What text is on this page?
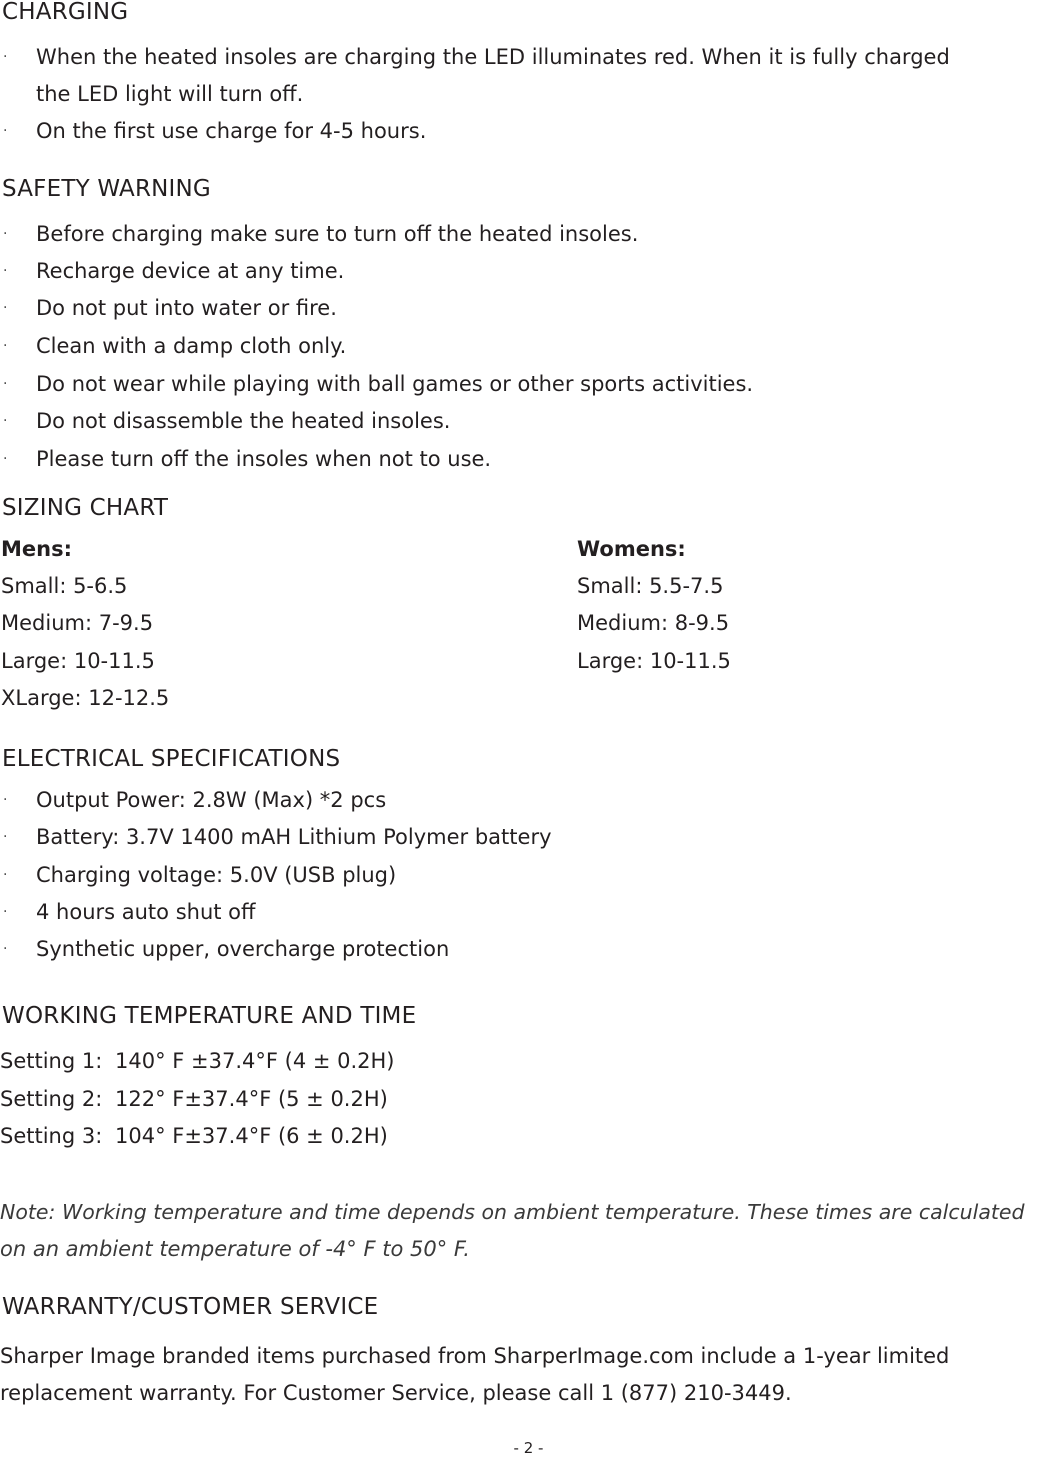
CHARGING
· When the heated insoles are charging the LED illuminates red. When it is fully charged
the LED light will turn off.
· On the first use charge for 4-5 hours.
SAFETY WARNING
· Before charging make sure to turn off the heated insoles.
· Recharge device at any time.
· Do not put into water or fire.
· Clean with a damp cloth only.
· Do not wear while playing with ball games or other sports activities.
· Do not disassemble the heated insoles.
· Please turn off the insoles when not to use.
SIZING CHART
Mens:
Small: 5-6.5
Medium: 7-9.5
Large: 10-11.5
XLarge: 12-12.5
Womens:
Small: 5.5-7.5
Medium: 8-9.5
Large: 10-11.5
ELECTRICAL SPECIFICATIONS
· Output Power: 2.8W (Max) *2 pcs
· Battery: 3.7V 1400 mAH Lithium Polymer battery
· Charging voltage: 5.0V (USB plug)
· 4 hours auto shut off
· Synthetic upper, overcharge protection
WORKING TEMPERATURE AND TIME
Setting 1: 140° F ±37.4°F (4 ± 0.2H)
Setting 2: 122° F±37.4°F (5 ± 0.2H)
Setting 3: 104° F±37.4°F (6 ± 0.2H)
Note: Working temperature and time depends on ambient temperature. These times are calculated
on an ambient temperature of -4° F to 50° F.
WARRANTY/CUSTOMER SERVICE
Sharper Image branded items purchased from SharperImage.com include a 1-year limited
replacement warranty. For Customer Service, please call 1 (877) 210-3449.
- 2 -
